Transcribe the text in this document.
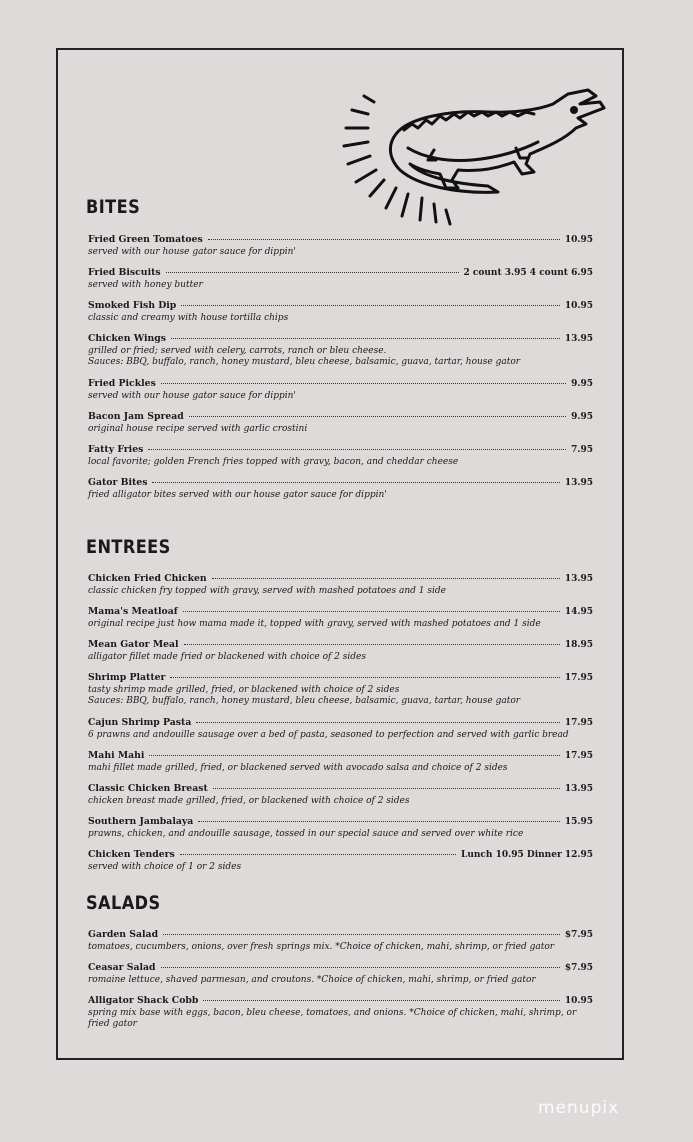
BITES
Fried Green Tomatoes	10.95
served with our house gator sauce for dippin'
Fried Biscuits	2 count 3.95 4 count 6.95
served with honey butter
Smoked Fish Dip	10.95
classic and creamy with house tortilla chips
Chicken Wings	13.95
grilled or fried; served with celery, carrots, ranch or bleu cheese.
Sauces: BBQ, buffalo, ranch, honey mustard, bleu cheese, balsamic, guava, tartar, house gator
Fried Pickles	9.95
served with our house gator sauce for dippin'
Bacon Jam Spread	9.95
original house recipe served with garlic crostini
Fatty Fries	7.95
local favorite; golden French fries topped with gravy, bacon, and cheddar cheese
Gator Bites	13.95
fried alligator bites served with our house gator sauce for dippin'
ENTREES
Chicken Fried Chicken	13.95
classic chicken fry topped with gravy, served with mashed potatoes and 1 side
Mama's Meatloaf	14.95
original recipe just how mama made it, topped with gravy, served with mashed potatoes and 1 side
Mean Gator Meal	18.95
alligator fillet made fried or blackened with choice of 2 sides
Shrimp Platter	17.95
tasty shrimp made grilled, fried, or blackened with choice of 2 sides
Sauces: BBQ, buffalo, ranch, honey mustard, bleu cheese, balsamic, guava, tartar, house gator
Cajun Shrimp Pasta	17.95
6 prawns and andouille sausage over a bed of pasta, seasoned to perfection and served with garlic bread
Mahi Mahi	17.95
mahi fillet made grilled, fried, or blackened served with avocado salsa and choice of 2 sides
Classic Chicken Breast	13.95
chicken breast made grilled, fried, or blackened with choice of 2 sides
Southern Jambalaya	15.95
prawns, chicken, and andouille sausage, tossed in our special sauce and served over white rice
Chicken Tenders	Lunch 10.95 Dinner 12.95
served with choice of 1 or 2 sides
SALADS
Garden Salad	$7.95
tomatoes, cucumbers, onions, over fresh springs mix. *Choice of chicken, mahi, shrimp, or fried gator
Ceasar Salad	$7.95
romaine lettuce, shaved parmesan, and croutons. *Choice of chicken, mahi, shrimp, or fried gator
Alligator Shack Cobb	10.95
spring mix base with eggs, bacon, bleu cheese, tomatoes, and onions. *Choice of chicken, mahi, shrimp, or
fried gator
menupix
